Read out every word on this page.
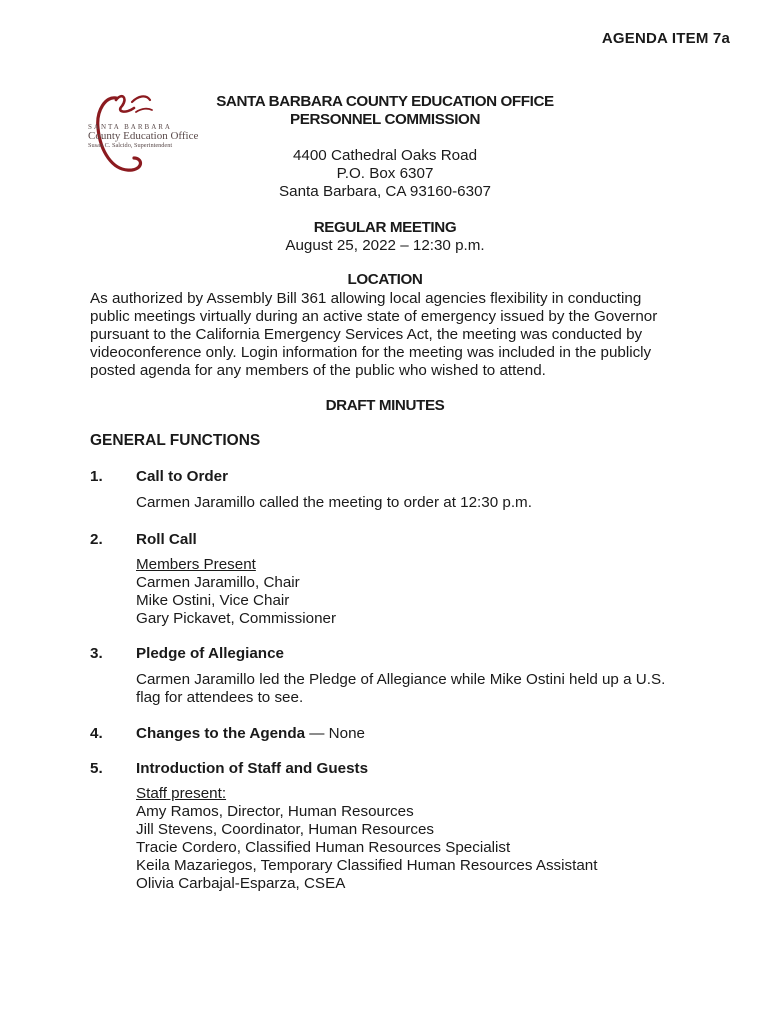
AGENDA ITEM 7a
SANTA BARBARA
County Education Office
Susan C. Salcido, Superintendent
SANTA BARBARA COUNTY EDUCATION OFFICE
PERSONNEL COMMISSION
4400 Cathedral Oaks Road
P.O. Box 6307
Santa Barbara, CA 93160-6307
REGULAR MEETING
August 25, 2022 – 12:30 p.m.
LOCATION
As authorized by Assembly Bill 361 allowing local agencies flexibility in conducting
public meetings virtually during an active state of emergency issued by the Governor
pursuant to the California Emergency Services Act, the meeting was conducted by
videoconference only. Login information for the meeting was included in the publicly
posted agenda for any members of the public who wished to attend.
DRAFT MINUTES
GENERAL FUNCTIONS
1. Call to Order
Carmen Jaramillo called the meeting to order at 12:30 p.m.
2. Roll Call
Members Present
Carmen Jaramillo, Chair
Mike Ostini, Vice Chair
Gary Pickavet, Commissioner
3. Pledge of Allegiance
Carmen Jaramillo led the Pledge of Allegiance while Mike Ostini held up a U.S.
flag for attendees to see.
4. Changes to the Agenda — None
5. Introduction of Staff and Guests
Staff present:
Amy Ramos, Director, Human Resources
Jill Stevens, Coordinator, Human Resources
Tracie Cordero, Classified Human Resources Specialist
Keila Mazariegos, Temporary Classified Human Resources Assistant
Olivia Carbajal-Esparza, CSEA
